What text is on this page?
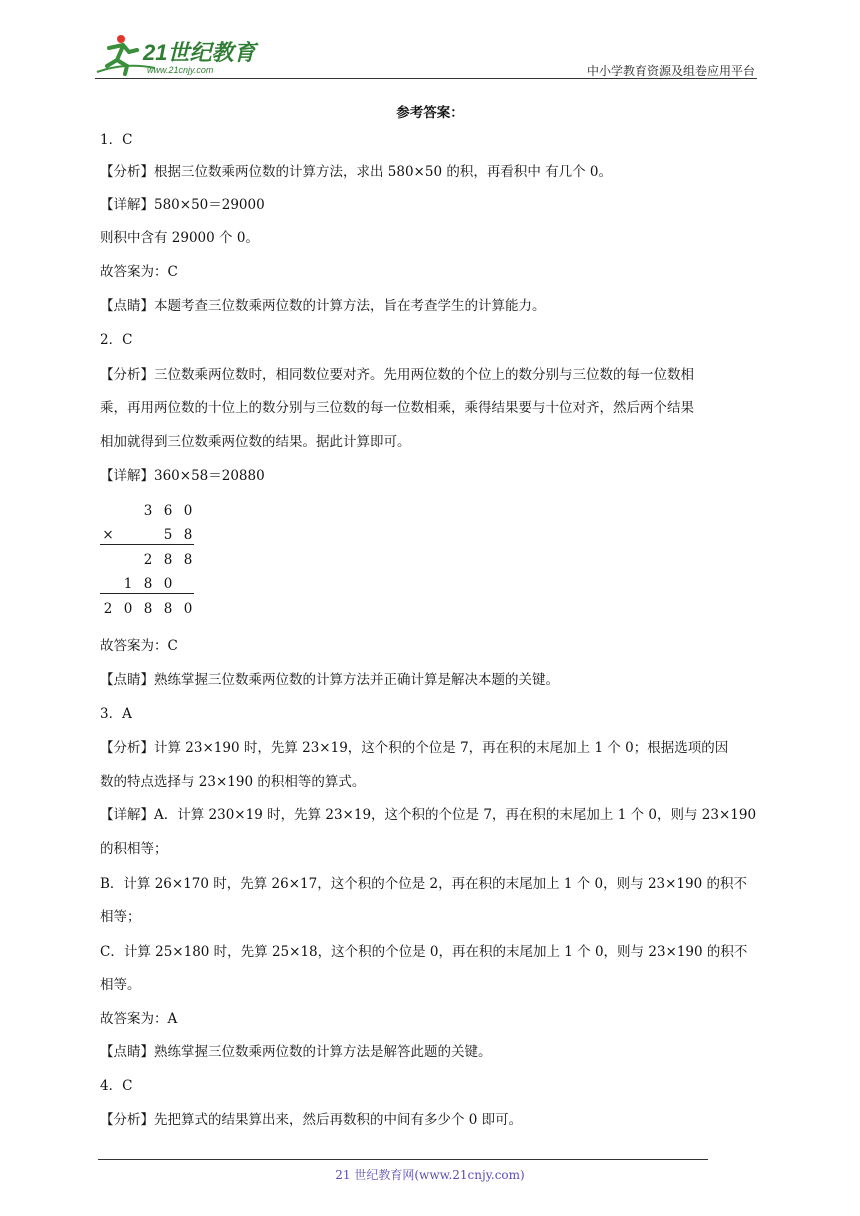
21世纪教育
www.21cnjy.com	中小学教育资源及组卷应用平台
参考答案：
1．C
【分析】根据三位数乘两位数的计算方法，求出 580×50 的积，再看积中 有几个 0。
【详解】580×50＝29000
则积中含有 29000 个 0。
故答案为：C
【点睛】本题考查三位数乘两位数的计算方法，旨在考查学生的计算能力。
2．C
【分析】三位数乘两位数时，相同数位要对齐。先用两位数的个位上的数分别与三位数的每一位数相
乘，再用两位数的十位上的数分别与三位数的每一位数相乘，乘得结果要与十位对齐，然后两个结果
相加就得到三位数乘两位数的结果。据此计算即可。
【详解】360×58＝20880
3 6 0
×	5 8
2 8 8
1 8 0
2 0 8 8 0
故答案为：C
【点睛】熟练掌握三位数乘两位数的计算方法并正确计算是解决本题的关键。
3．A
【分析】计算 23×190 时，先算 23×19，这个积的个位是 7，再在积的末尾加上 1 个 0；根据选项的因
数的特点选择与 23×190 的积相等的算式。
【详解】A．计算 230×19 时，先算 23×19，这个积的个位是 7，再在积的末尾加上 1 个 0，则与 23×190
的积相等；
B．计算 26×170 时，先算 26×17，这个积的个位是 2，再在积的末尾加上 1 个 0，则与 23×190 的积不
相等；
C．计算 25×180 时，先算 25×18，这个积的个位是 0，再在积的末尾加上 1 个 0，则与 23×190 的积不
相等。
故答案为：A
【点睛】熟练掌握三位数乘两位数的计算方法是解答此题的关键。
4．C
【分析】先把算式的结果算出来，然后再数积的中间有多少个 0 即可。
21 世纪教育网(www.21cnjy.com)
